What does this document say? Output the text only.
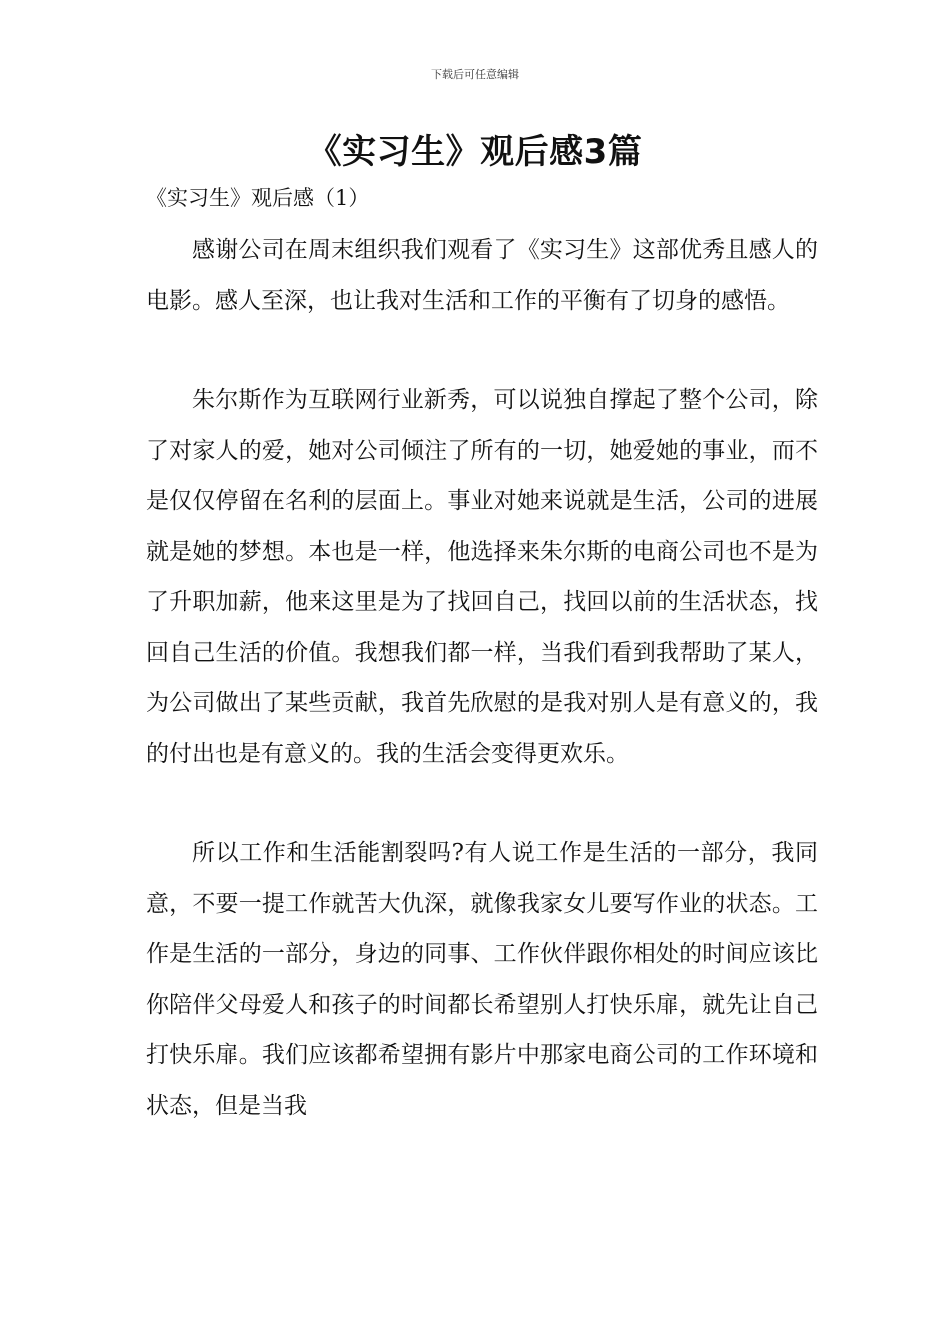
下载后可任意编辑
《实习生》观后感3篇
《实习生》观后感（1）

感谢公司在周末组织我们观看了《实习生》这部优秀且感人的电影。感人至深，也让我对生活和工作的平衡有了切身的感悟。

朱尔斯作为互联网行业新秀，可以说独自撑起了整个公司，除了对家人的爱，她对公司倾注了所有的一切，她爱她的事业，而不是仅仅停留在名利的层面上。事业对她来说就是生活，公司的进展就是她的梦想。本也是一样，他选择来朱尔斯的电商公司也不是为了升职加薪，他来这里是为了找回自己，找回以前的生活状态，找回自己生活的价值。我想我们都一样，当我们看到我帮助了某人，为公司做出了某些贡献，我首先欣慰的是我对别人是有意义的，我的付出也是有意义的。我的生活会变得更欢乐。

所以工作和生活能割裂吗?有人说工作是生活的一部分，我同意，不要一提工作就苦大仇深，就像我家女儿要写作业的状态。工作是生活的一部分，身边的同事、工作伙伴跟你相处的时间应该比你陪伴父母爱人和孩子的时间都长希望别人打快乐扉，就先让自己打快乐扉。我们应该都希望拥有影片中那家电商公司的工作环境和状态，但是当我
